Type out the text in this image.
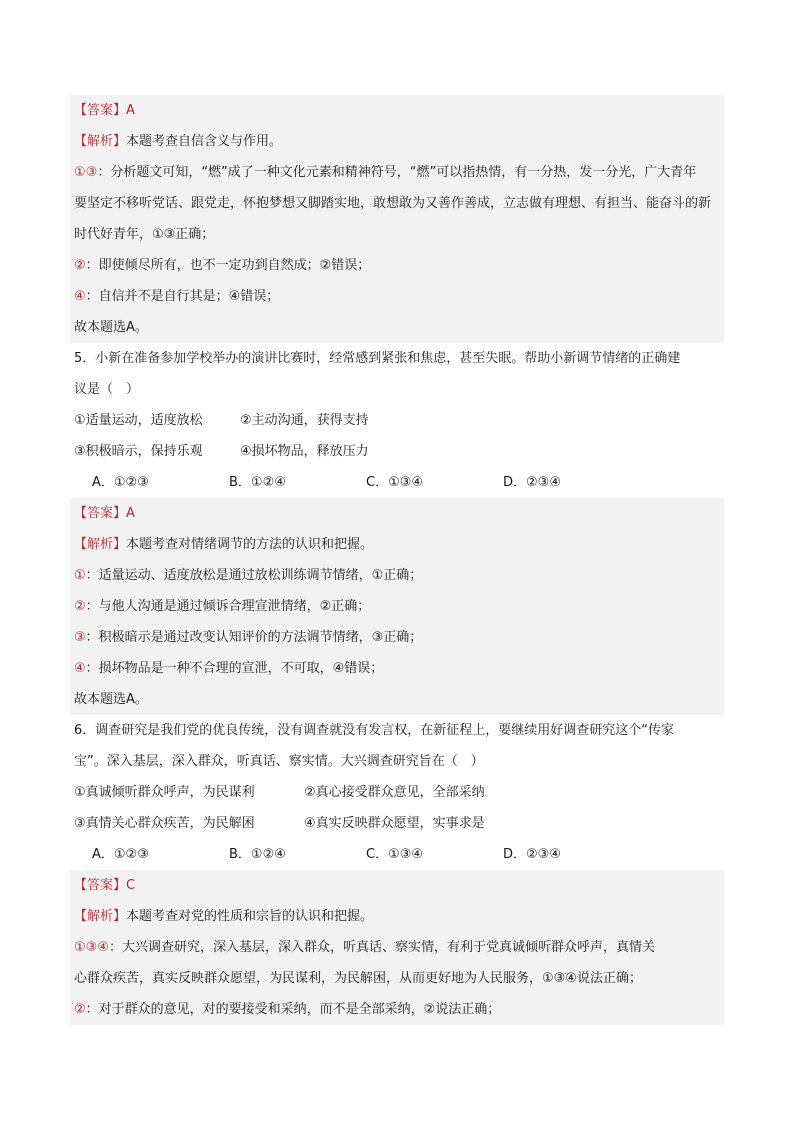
【答案】A
【解析】本题考查自信含义与作用。
①③：分析题文可知，“燃”成了一种文化元素和精神符号，“燃”可以指热情，有一分热，发一分光，广大青年
要坚定不移听党话、跟党走，怀抱梦想又脚踏实地，敢想敢为又善作善成，立志做有理想、有担当、能奋斗的新
时代好青年，①③正确；
②：即使倾尽所有，也不一定功到自然成；②错误；
④：自信并不是自行其是；④错误；
故本题选A。
5．小新在准备参加学校举办的演讲比赛时，经常感到紧张和焦虑，甚至失眠。帮助小新调节情绪的正确建
议是（　）
①适量运动，适度放松	②主动沟通，获得支持
③积极暗示，保持乐观	④损坏物品，释放压力
A．①②③	B．①②④	C．①③④	D．②③④
【答案】A
【解析】本题考查对情绪调节的方法的认识和把握。
①：适量运动、适度放松是通过放松训练调节情绪，①正确；
②：与他人沟通是通过倾诉合理宣泄情绪，②正确；
③：积极暗示是通过改变认知评价的方法调节情绪，③正确；
④：损坏物品是一种不合理的宣泄，不可取，④错误；
故本题选A。
6．调查研究是我们党的优良传统，没有调查就没有发言权，在新征程上，要继续用好调查研究这个“传家
宝”。深入基层，深入群众，听真话、察实情。大兴调查研究旨在（　）
①真诚倾听群众呼声，为民谋利	②真心接受群众意见，全部采纳
③真情关心群众疾苦，为民解困	④真实反映群众愿望，实事求是
A．①②③	B．①②④	C．①③④	D．②③④
【答案】C
【解析】本题考查对党的性质和宗旨的认识和把握。
①③④：大兴调查研究，深入基层，深入群众，听真话、察实情，有利于党真诚倾听群众呼声，真情关
心群众疾苦，真实反映群众愿望，为民谋利，为民解困，从而更好地为人民服务，①③④说法正确；
②：对于群众的意见，对的要接受和采纳，而不是全部采纳，②说法正确；
